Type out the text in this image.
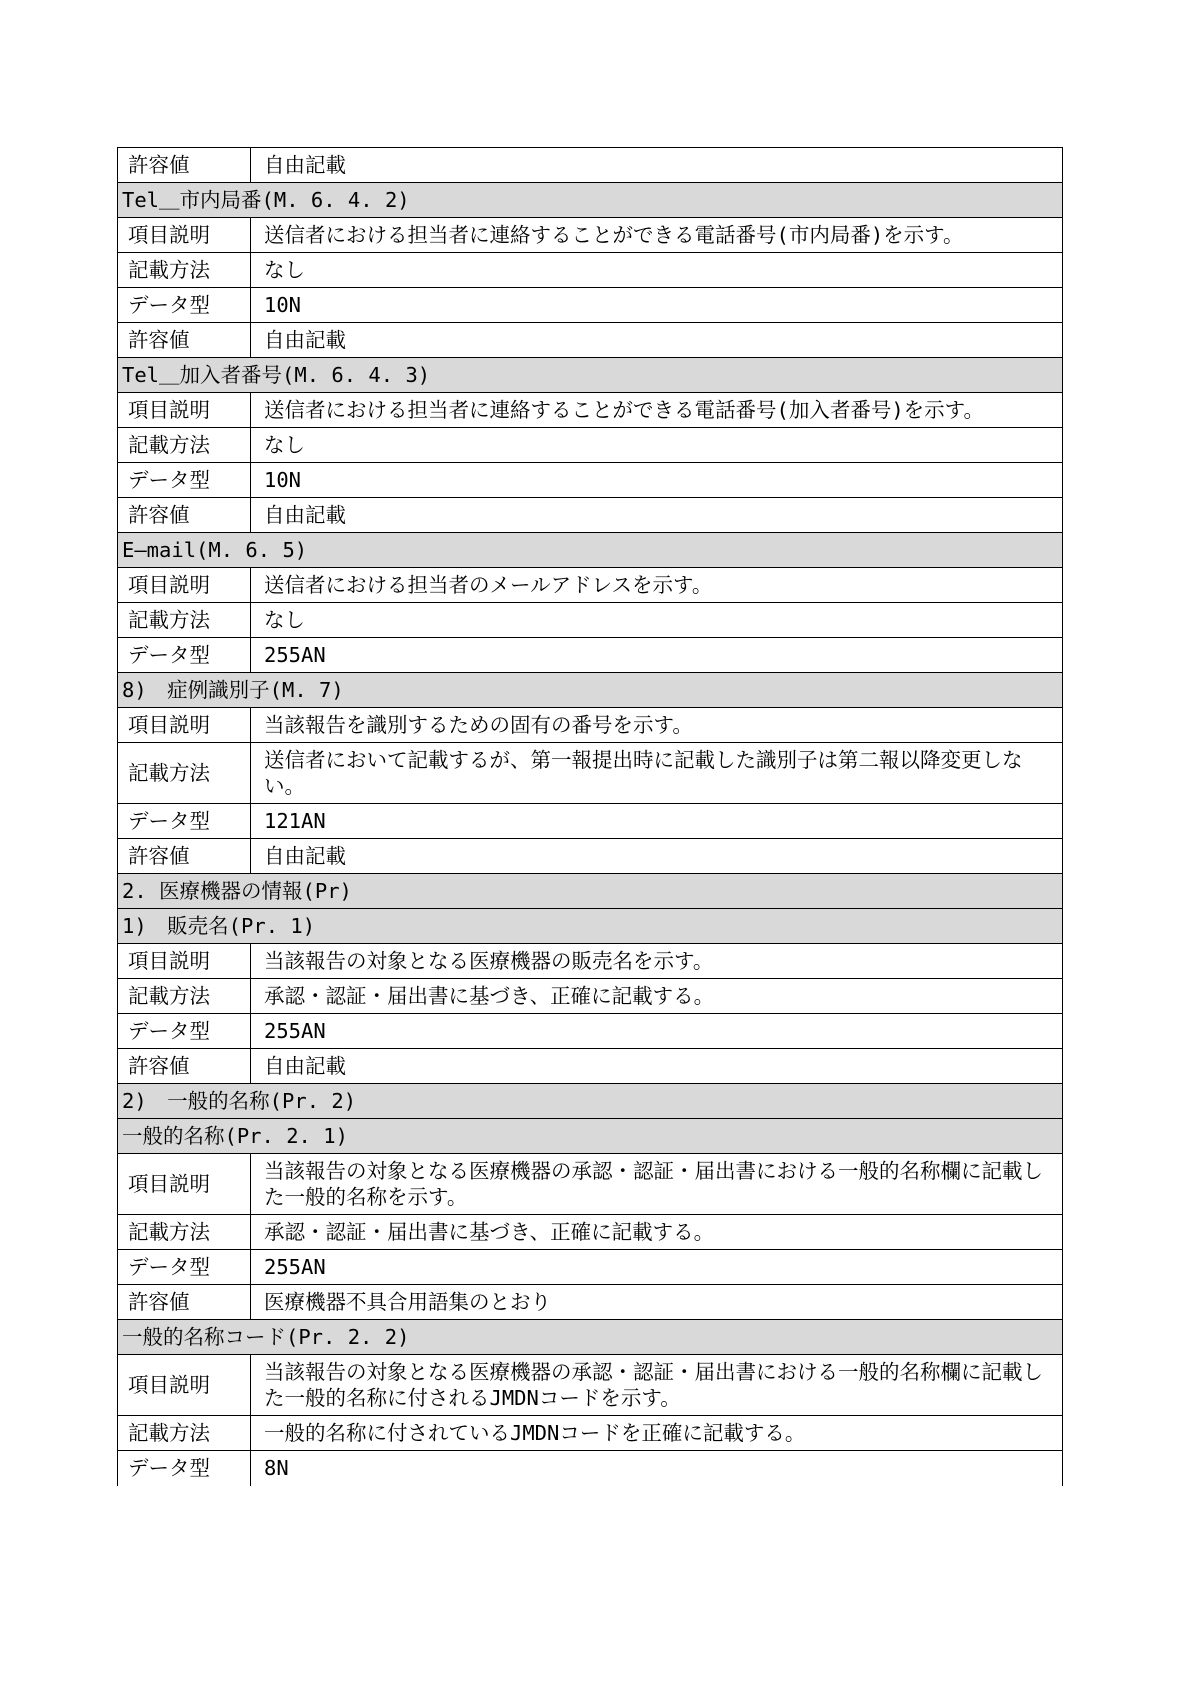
許容値	自由記載
Tel＿市内局番(M. 6. 4. 2)	
項目説明	送信者における担当者に連絡することができる電話番号(市内局番)を示す。
記載方法	なし
データ型	10N
許容値	自由記載
Tel＿加入者番号(M. 6. 4. 3)	
項目説明	送信者における担当者に連絡することができる電話番号(加入者番号)を示す。
記載方法	なし
データ型	10N
許容値	自由記載
E―mail(M. 6. 5)	
項目説明	送信者における担当者のメールアドレスを示す。
記載方法	なし
データ型	255AN
8)　症例識別子(M. 7)	
項目説明	当該報告を識別するための固有の番号を示す。
記載方法	送信者において記載するが、第一報提出時に記載した識別子は第二報以降変更しない。
データ型	121AN
許容値	自由記載
2. 医療機器の情報(Pr)	
1)　販売名(Pr. 1)	
項目説明	当該報告の対象となる医療機器の販売名を示す。
記載方法	承認・認証・届出書に基づき、正確に記載する。
データ型	255AN
許容値	自由記載
2)　一般的名称(Pr. 2)	
一般的名称(Pr. 2. 1)	
項目説明	当該報告の対象となる医療機器の承認・認証・届出書における一般的名称欄に記載した一般的名称を示す。
記載方法	承認・認証・届出書に基づき、正確に記載する。
データ型	255AN
許容値	医療機器不具合用語集のとおり
一般的名称コード(Pr. 2. 2)	
項目説明	当該報告の対象となる医療機器の承認・認証・届出書における一般的名称欄に記載した一般的名称に付されるJMDNコードを示す。
記載方法	一般的名称に付されているJMDNコードを正確に記載する。
データ型	8N
